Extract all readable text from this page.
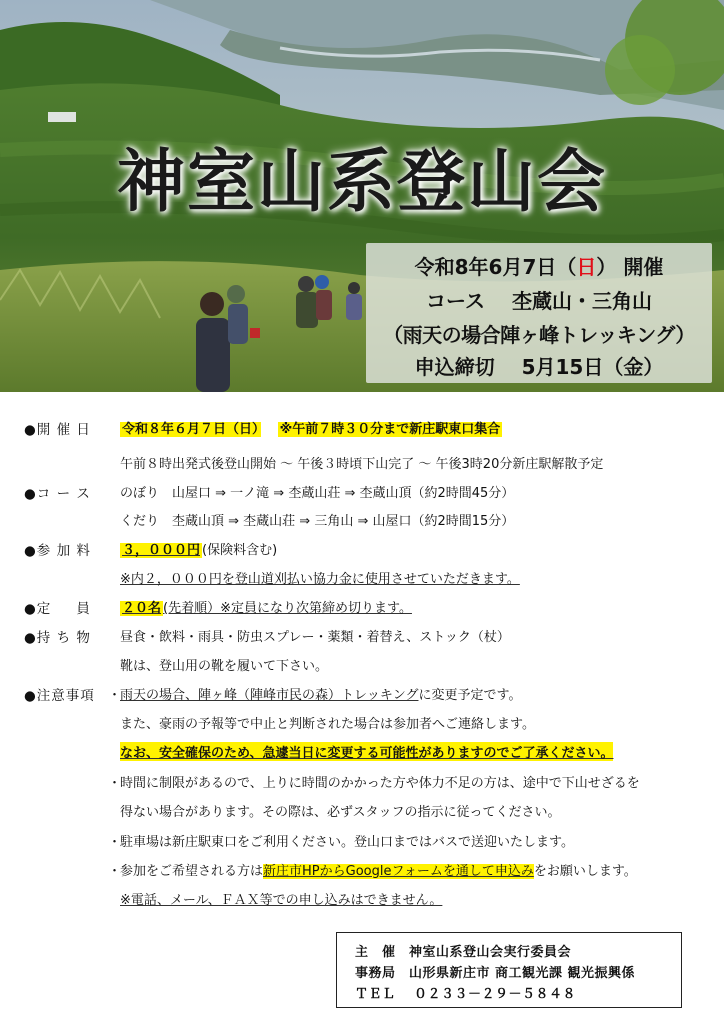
神室山系登山会
令和8年6月7日（日） 開催
コース　 杢蔵山・三角山
（雨天の場合陣ヶ峰トレッキング）
申込締切　 5月15日（金）
●開 催 日 令和８年６月７日（日）　 ※午前７時３０分まで新庄駅東口集合
午前８時出発式後登山開始 ～ 午後３時頃下山完了 ～ 午後3時20分新庄駅解散予定
●コ ー ス のぼり　山屋口 ⇒ 一ノ滝 ⇒ 杢蔵山荘 ⇒ 杢蔵山頂（約2時間45分）
くだり　杢蔵山頂 ⇒ 杢蔵山荘 ⇒ 三角山 ⇒ 山屋口（約2時間15分）
●参 加 料 ３，０００円 (保険料含む)
※内２，０００円を登山道刈払い協力金に使用させていただきます。
●定 　 員 ２０名 (先着順）※定員になり次第締め切ります。
●持 ち 物 昼食・飲料・雨具・防虫スプレー・薬類・着替え、ストック（杖）
靴は、登山用の靴を履いて下さい。
●注意事項 ・
雨天の場合、陣ヶ峰（陣峰市民の森）トレッキングに変更予定です。
また、豪雨の予報等で中止と判断された場合は参加者へご連絡します。
なお、安全確保のため、急遽当日に変更する可能性がありますのでご了承ください。
・
時間に制限があるので、上りに時間のかかった方や体力不足の方は、途中で下山せざるを
得ない場合があります。その際は、必ずスタッフの指示に従ってください。
・
駐車場は新庄駅東口をご利用ください。登山口まではバスで送迎いたします。
・
参加をご希望される方は新庄市HPからGoogleフォームを通して申込みをお願いします。
※電話、メール、ＦＡＸ等での申し込みはできません。
主　催　神室山系登山会実行委員会
事務局　山形県新庄市 商工観光課 観光振興係
ＴＥＬ　 ０２３３－２９－５８４８
